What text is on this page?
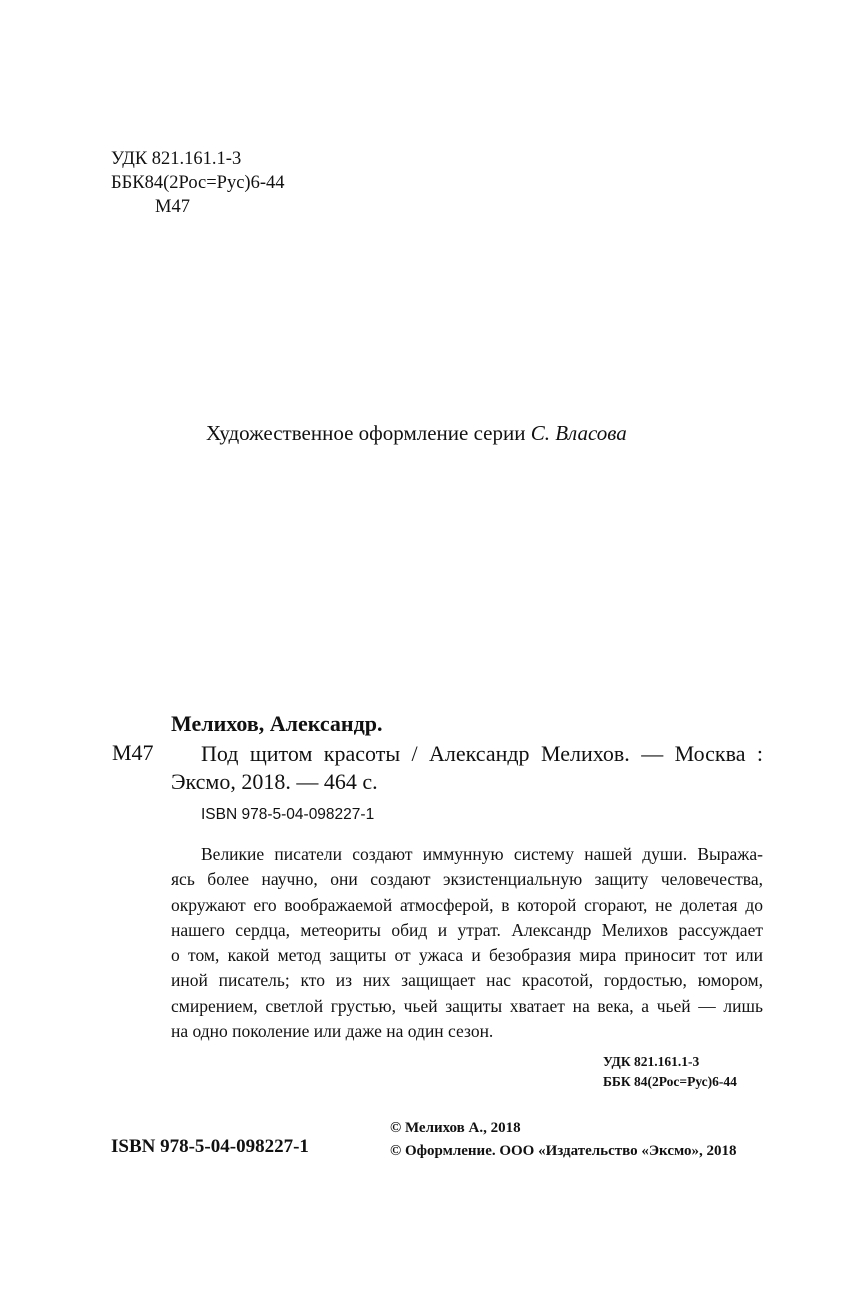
УДК 821.161.1-3
ББК84(2Рос=Рус)6-44
М47
Художественное оформление серии С. Власова
Мелихов, Александр.
М47	Под щитом красоты / Александр Мелихов. — Москва : Эксмо, 2018. — 464 с.
ISBN 978-5-04-098227-1
Великие писатели создают иммунную систему нашей души. Выража-
ясь более научно, они создают экзистенциальную защиту человечества,
окружают его воображаемой атмосферой, в которой сгорают, не долетая до
нашего сердца, метеориты обид и утрат. Александр Мелихов рассуждает
о том, какой метод защиты от ужаса и безобразия мира приносит тот или
иной писатель; кто из них защищает нас красотой, гордостью, юмором,
смирением, светлой грустью, чьей защиты хватает на века, а чьей — лишь
на одно поколение или даже на один сезон.
УДК 821.161.1-3
ББК 84(2Рос=Рус)6-44
ISBN 978-5-04-098227-1
© Мелихов А., 2018
© Оформление. ООО «Издательство «Эксмо», 2018
